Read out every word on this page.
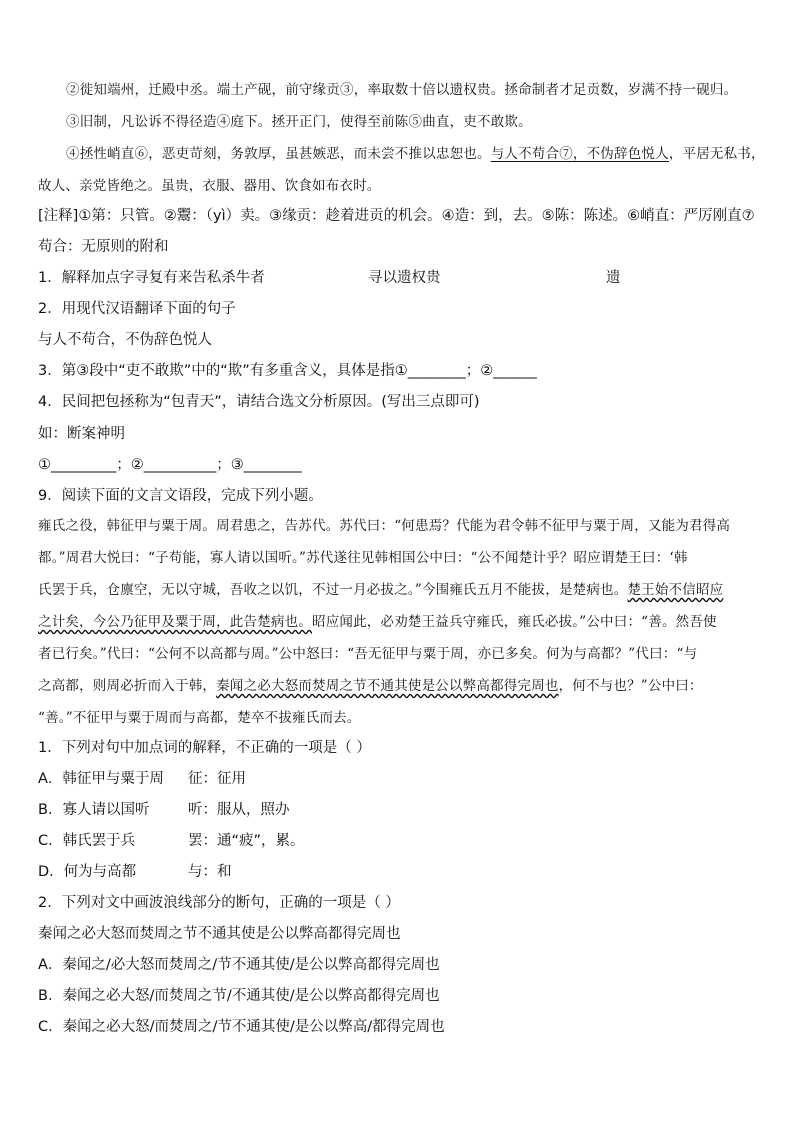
②徙知端州，迁殿中丞。端土产砚，前守缘贡③，率取数十倍以遗权贵。拯命制者才足贡数，岁满不持一砚归。
③旧制，凡讼诉不得径造④庭下。拯开正门，使得至前陈⑤曲直，吏不敢欺。
④拯性峭直⑥，恶吏苛刻，务敦厚，虽甚嫉恶，而未尝不推以忠恕也。与人不苟合⑦，不伪辞色悦人，平居无私书，
故人、亲党皆绝之。虽贵，衣服、器用、饮食如布衣时。
[注释]①第：只管。②鬻：（yì）卖。③缘贡：趁着进贡的机会。④造：到，去。⑤陈：陈述。⑥峭直：严厉刚直⑦
苟合：无原则的附和
1．解释加点字寻复有来告私杀牛者	寻以遗权贵	遗
2．用现代汉语翻译下面的句子
与人不苟合，不伪辞色悦人
3．第③段中“吏不敢欺”中的“欺”有多重含义，具体是指①________；②______
4．民间把包拯称为“包青天”，请结合选文分析原因。(写出三点即可)
如：断案神明
①_________；②__________；③________
9．阅读下面的文言文语段，完成下列小题。
雍氏之役，韩征甲与粟于周。周君患之，告苏代。苏代曰：“何患焉？代能为君令韩不征甲与粟于周，又能为君得高
都。”周君大悦曰：“子苟能，寡人请以国听。”苏代遂往见韩相国公中曰：“公不闻楚计乎？昭应谓楚王曰：‘韩
氏罢于兵，仓廪空，无以守城，吾收之以饥，不过一月必拔之。”今围雍氏五月不能拔，是楚病也。楚王始不信昭应
之计矣，今公乃征甲及粟于周，此告楚病也。昭应闻此，必劝楚王益兵守雍氏，雍氏必拔。”公中曰：“善。然吾使
者已行矣。”代曰：“公何不以高都与周。”公中怒曰：“吾无征甲与粟于周，亦已多矣。何为与高都？”代曰：“与
之高都，则周必折而入于韩，秦闻之必大怒而焚周之节不通其使是公以弊高都得完周也，何不与也？”公中曰：
“善。”不征甲与粟于周而与高都，楚卒不拔雍氏而去。
1．下列对句中加点词的解释，不正确的一项是（ ）
A．韩征甲与粟于周 征：征用
B．寡人请以国听	听：服从，照办
C．韩氏罢于兵	罢：通“疲”，累。
D．何为与高都	与：和
2．下列对文中画波浪线部分的断句，正确的一项是（ ）
秦闻之必大怒而焚周之节不通其使是公以弊高都得完周也
A．秦闻之/必大怒而焚周之/节不通其使/是公以弊高都得完周也
B．秦闻之必大怒/而焚周之节/不通其使/是公以弊高都得完周也
C．秦闻之必大怒/而焚周之/节不通其使/是公以弊高/都得完周也
